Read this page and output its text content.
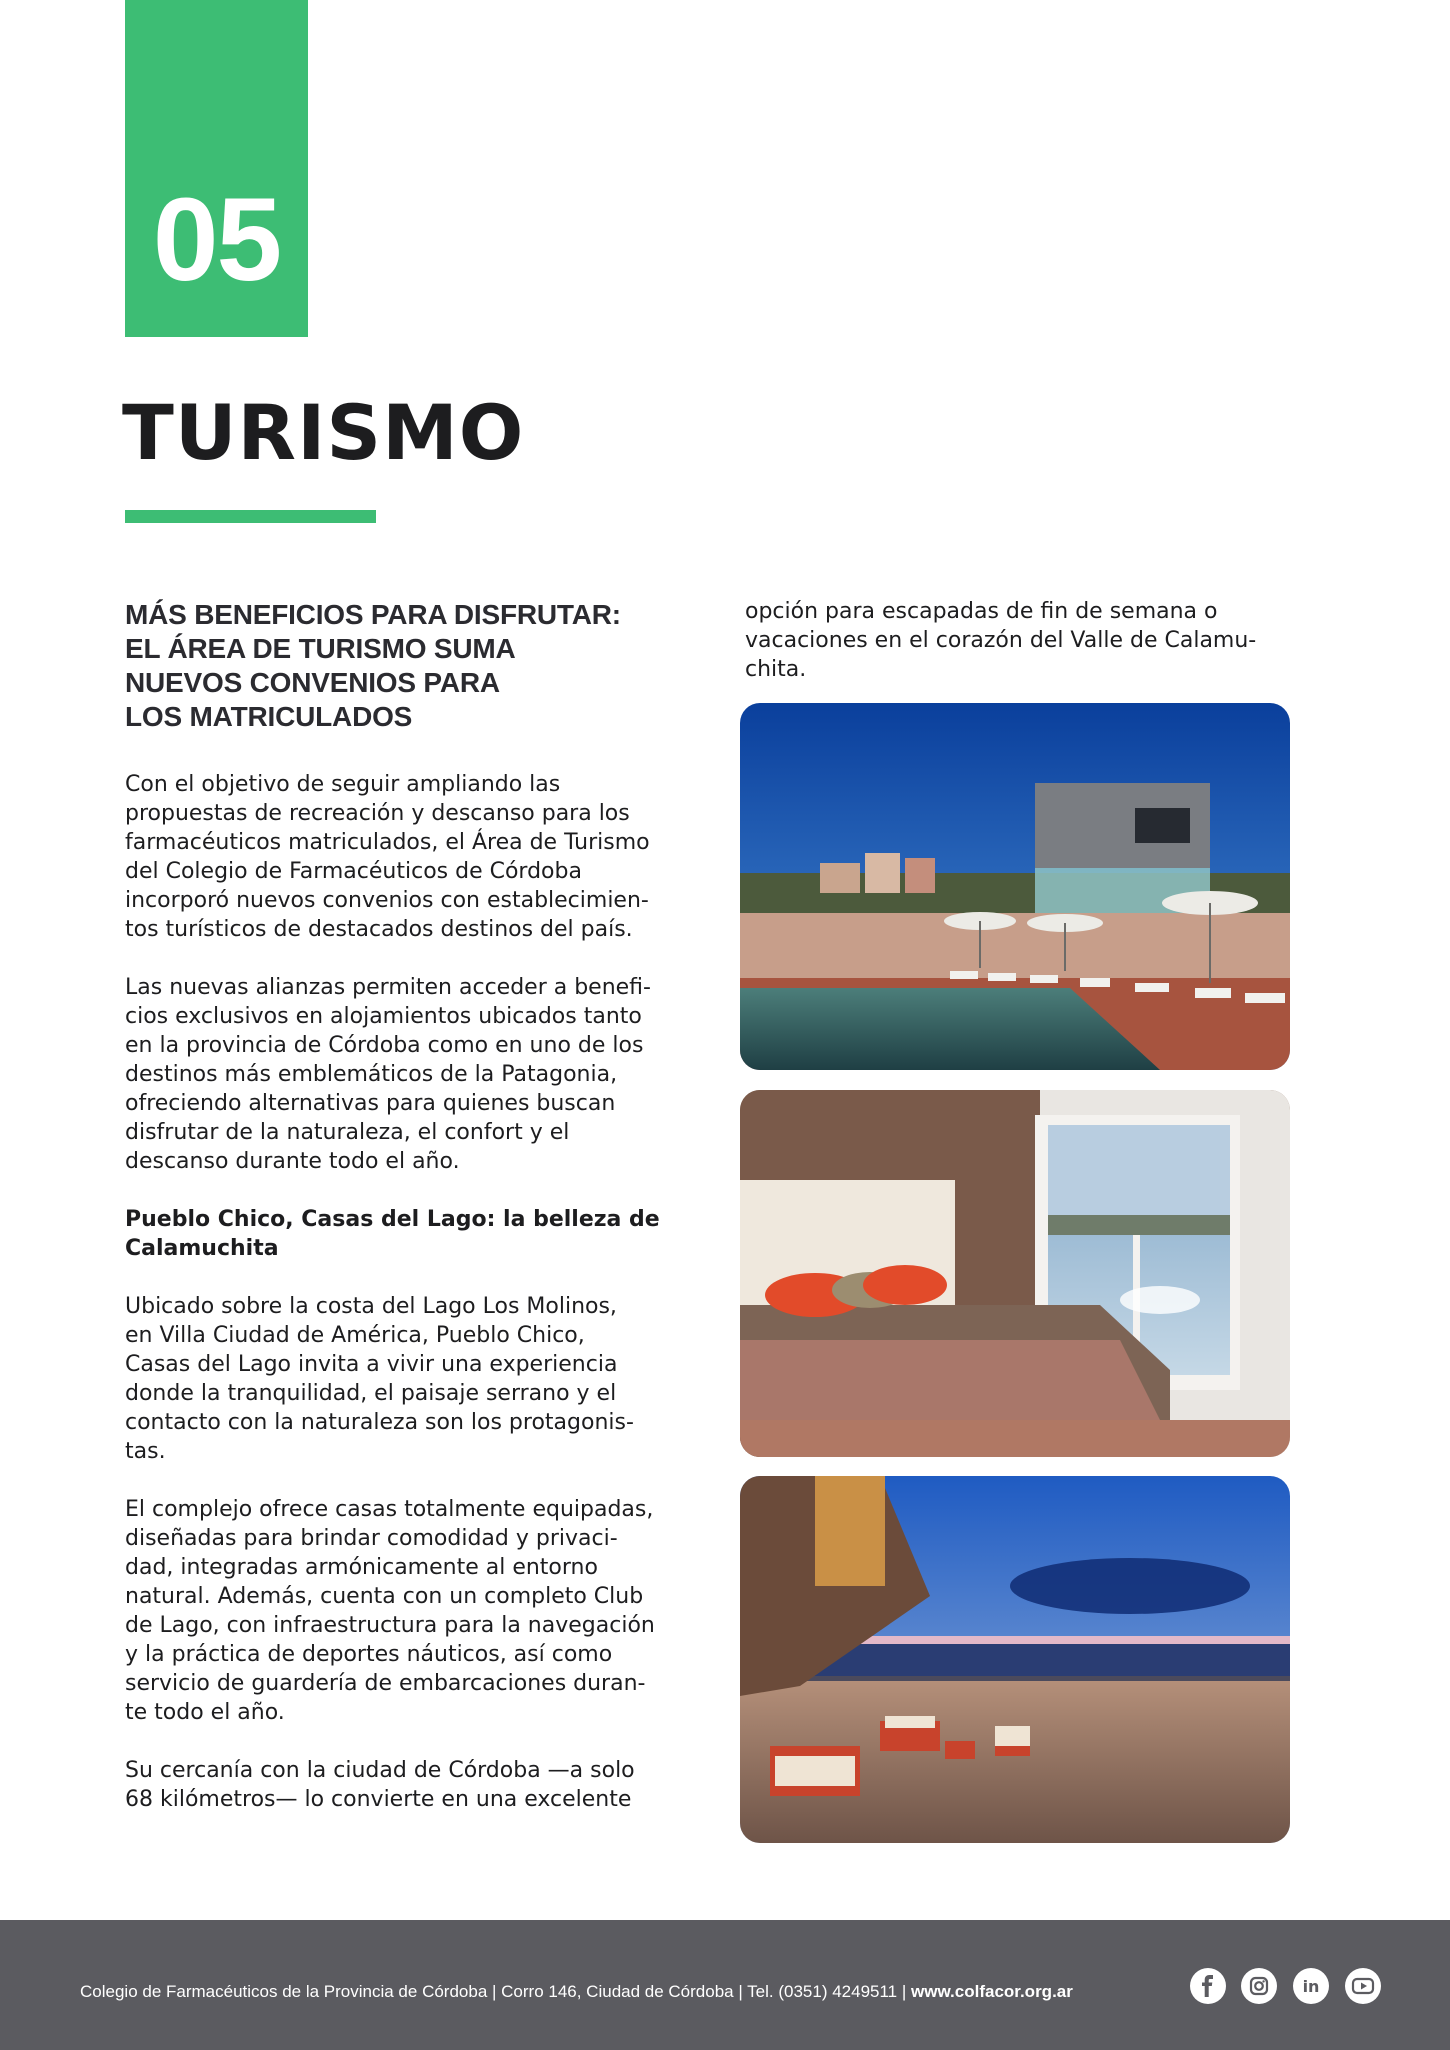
05
TURISMO
MÁS BENEFICIOS PARA DISFRUTAR:
EL ÁREA DE TURISMO SUMA
NUEVOS CONVENIOS PARA
LOS MATRICULADOS

Con el objetivo de seguir ampliando las
propuestas de recreación y descanso para los
farmacéuticos matriculados, el Área de Turismo
del Colegio de Farmacéuticos de Córdoba
incorporó nuevos convenios con establecimien-
tos turísticos de destacados destinos del país.

Las nuevas alianzas permiten acceder a benefi-
cios exclusivos en alojamientos ubicados tanto
en la provincia de Córdoba como en uno de los
destinos más emblemáticos de la Patagonia,
ofreciendo alternativas para quienes buscan
disfrutar de la naturaleza, el confort y el
descanso durante todo el año.

Pueblo Chico, Casas del Lago: la belleza de
Calamuchita

Ubicado sobre la costa del Lago Los Molinos,
en Villa Ciudad de América, Pueblo Chico,
Casas del Lago invita a vivir una experiencia
donde la tranquilidad, el paisaje serrano y el
contacto con la naturaleza son los protagonis-
tas.

El complejo ofrece casas totalmente equipadas,
diseñadas para brindar comodidad y privaci-
dad, integradas armónicamente al entorno
natural. Además, cuenta con un completo Club
de Lago, con infraestructura para la navegación
y la práctica de deportes náuticos, así como
servicio de guardería de embarcaciones duran-
te todo el año.

Su cercanía con la ciudad de Córdoba —a solo
68 kilómetros— lo convierte en una excelente

opción para escapadas de fin de semana o
vacaciones en el corazón del Valle de Calamu-
chita.

Colegio de Farmacéuticos de la Provincia de Córdoba | Corro 146, Ciudad de Córdoba | Tel. (0351) 4249511 | www.colfacor.org.ar	in
